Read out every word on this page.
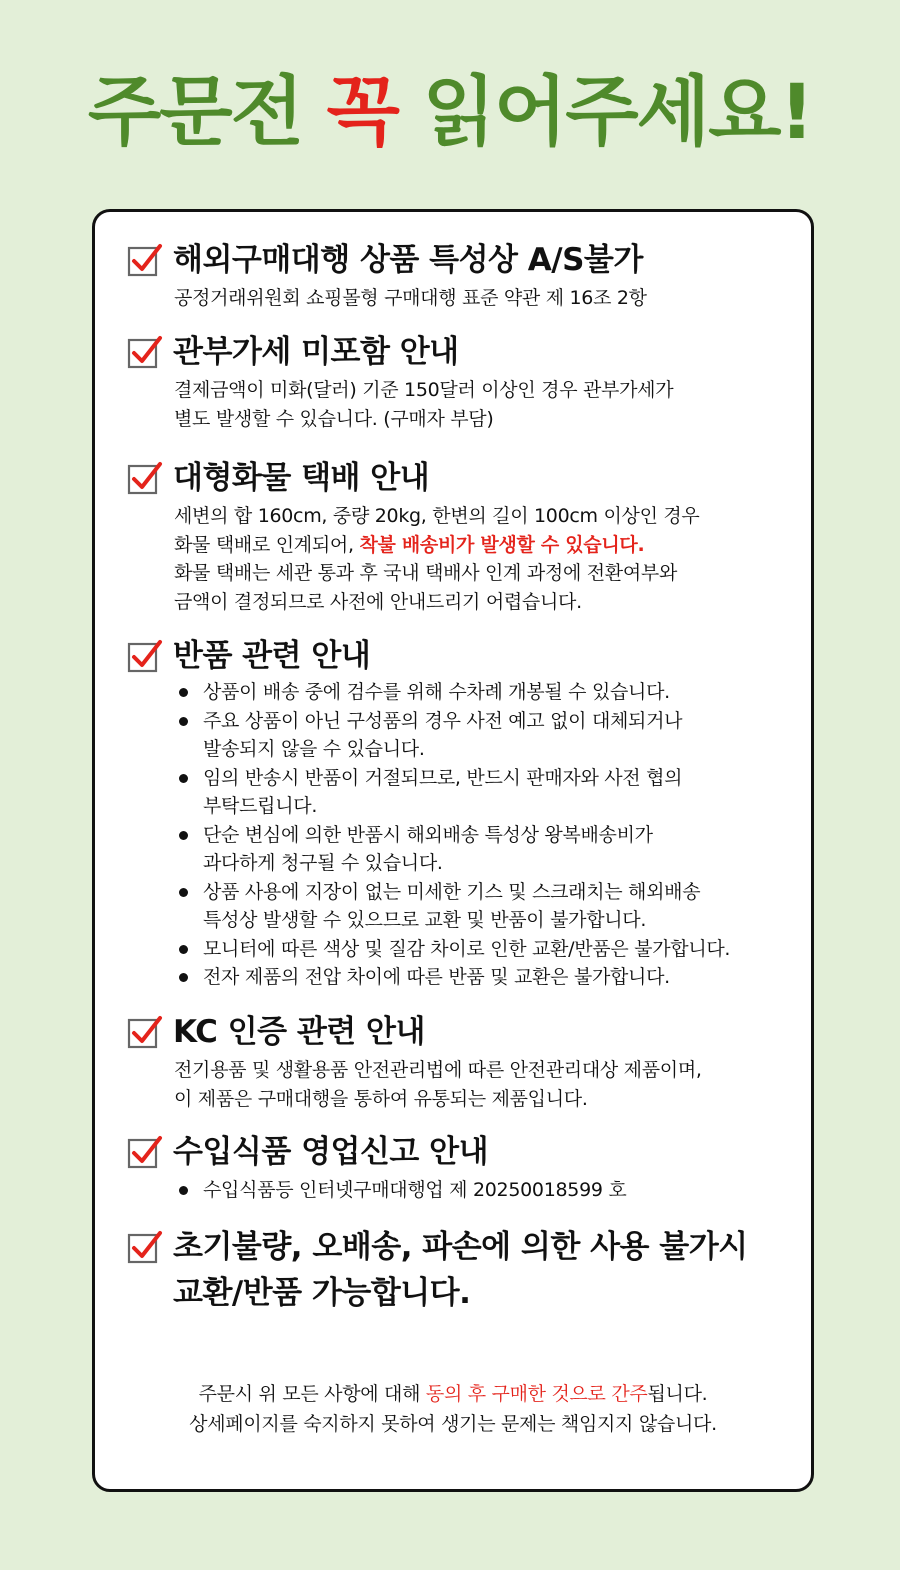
주문전 꼭 읽어주세요!
해외구매대행 상품 특성상 A/S불가
공정거래위원회 쇼핑몰형 구매대행 표준 약관 제 16조 2항
관부가세 미포함 안내
결제금액이 미화(달러) 기준 150달러 이상인 경우 관부가세가
별도 발생할 수 있습니다. (구매자 부담)
대형화물 택배 안내
세변의 합 160cm, 중량 20kg, 한변의 길이 100cm 이상인 경우
화물 택배로 인계되어, 착불 배송비가 발생할 수 있습니다.
화물 택배는 세관 통과 후 국내 택배사 인계 과정에 전환여부와
금액이 결정되므로 사전에 안내드리기 어렵습니다.
반품 관련 안내
상품이 배송 중에 검수를 위해 수차례 개봉될 수 있습니다.
주요 상품이 아닌 구성품의 경우 사전 예고 없이 대체되거나
발송되지 않을 수 있습니다.
임의 반송시 반품이 거절되므로, 반드시 판매자와 사전 협의
부탁드립니다.
단순 변심에 의한 반품시 해외배송 특성상 왕복배송비가
과다하게 청구될 수 있습니다.
상품 사용에 지장이 없는 미세한 기스 및 스크래치는 해외배송
특성상 발생할 수 있으므로 교환 및 반품이 불가합니다.
모니터에 따른 색상 및 질감 차이로 인한 교환/반품은 불가합니다.
전자 제품의 전압 차이에 따른 반품 및 교환은 불가합니다.
KC 인증 관련 안내
전기용품 및 생활용품 안전관리법에 따른 안전관리대상 제품이며,
이 제품은 구매대행을 통하여 유통되는 제품입니다.
수입식품 영업신고 안내
수입식품등 인터넷구매대행업 제 20250018599 호
초기불량, 오배송, 파손에 의한 사용 불가시
교환/반품 가능합니다.
주문시 위 모든 사항에 대해 동의 후 구매한 것으로 간주됩니다.
상세페이지를 숙지하지 못하여 생기는 문제는 책임지지 않습니다.
